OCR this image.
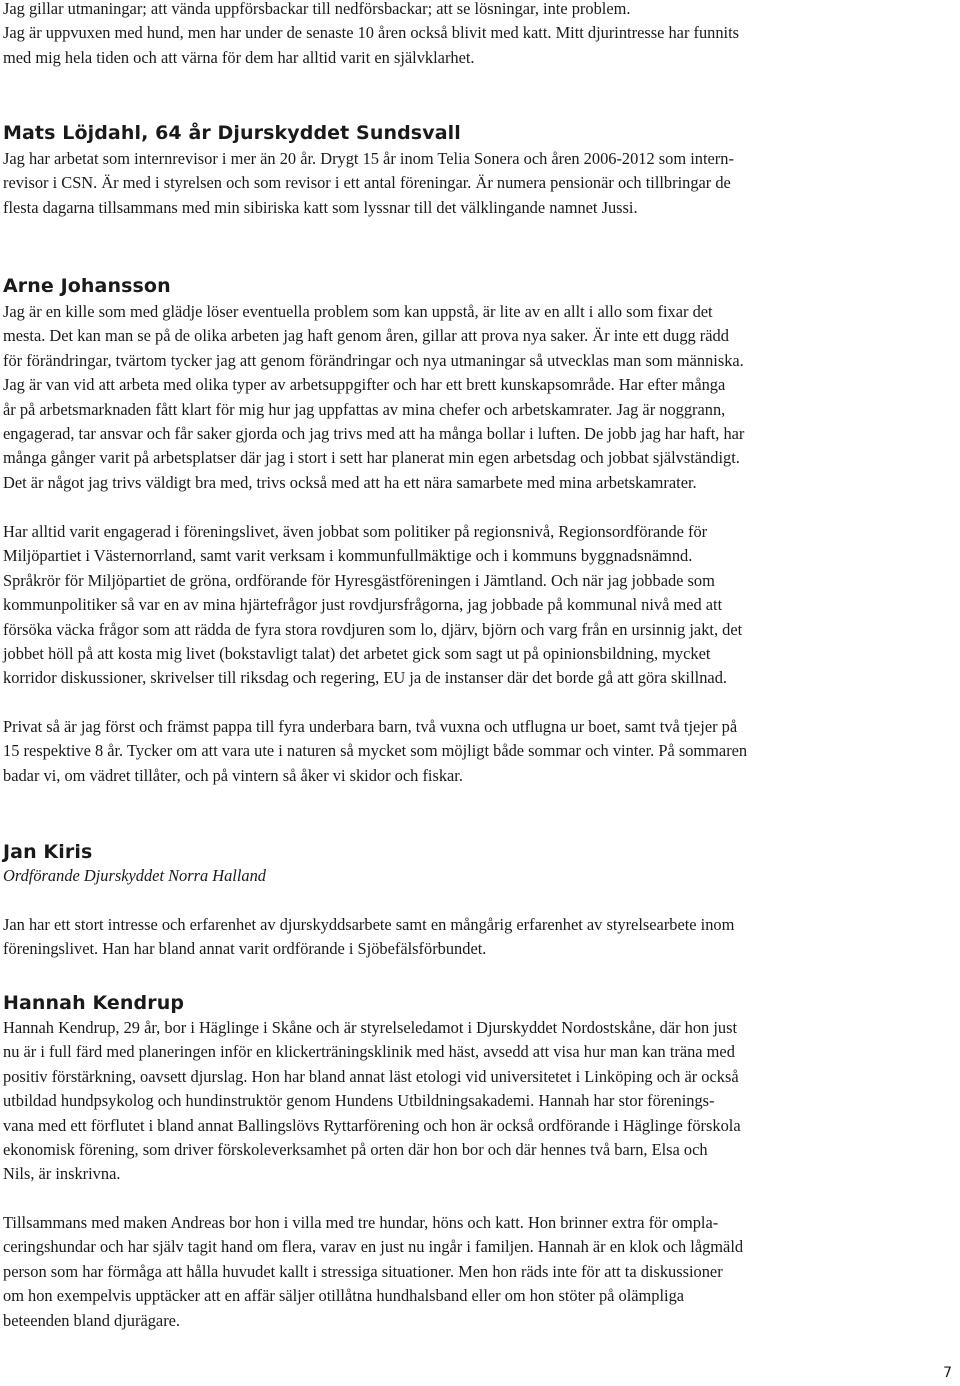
Jag gillar utmaningar; att vända uppförsbackar till nedförsbackar; att se lösningar, inte problem.
Jag är uppvuxen med hund, men har under de senaste 10 åren också blivit med katt. Mitt djurintresse har funnits
med mig hela tiden och att värna för dem har alltid varit en självklarhet.
Mats Löjdahl, 64 år Djurskyddet Sundsvall
Jag har arbetat som internrevisor i mer än 20 år. Drygt 15 år inom Telia Sonera och åren 2006-2012 som intern-
revisor i CSN. Är med i styrelsen och som revisor i ett antal föreningar. Är numera pensionär och tillbringar de
flesta dagarna tillsammans med min sibiriska katt som lyssnar till det välklingande namnet Jussi.
Arne Johansson
Jag är en kille som med glädje löser eventuella problem som kan uppstå, är lite av en allt i allo som fixar det
mesta. Det kan man se på de olika arbeten jag haft genom åren, gillar att prova nya saker. Är inte ett dugg rädd
för förändringar, tvärtom tycker jag att genom förändringar och nya utmaningar så utvecklas man som människa.
Jag är van vid att arbeta med olika typer av arbetsuppgifter och har ett brett kunskapsområde. Har efter många
år på arbetsmarknaden fått klart för mig hur jag uppfattas av mina chefer och arbetskamrater. Jag är noggrann,
engagerad, tar ansvar och får saker gjorda och jag trivs med att ha många bollar i luften. De jobb jag har haft, har
många gånger varit på arbetsplatser där jag i stort i sett har planerat min egen arbetsdag och jobbat självständigt.
Det är något jag trivs väldigt bra med, trivs också med att ha ett nära samarbete med mina arbetskamrater.
Har alltid varit engagerad i föreningslivet, även jobbat som politiker på regionsnivå, Regionsordförande för
Miljöpartiet i Västernorrland, samt varit verksam i kommunfullmäktige och i kommuns byggnadsnämnd.
Språkrör för Miljöpartiet de gröna, ordförande för Hyresgästföreningen i Jämtland. Och när jag jobbade som
kommunpolitiker så var en av mina hjärtefrågor just rovdjursfrågorna, jag jobbade på kommunal nivå med att
försöka väcka frågor som att rädda de fyra stora rovdjuren som lo, djärv, björn och varg från en ursinnig jakt, det
jobbet höll på att kosta mig livet (bokstavligt talat) det arbetet gick som sagt ut på opinionsbildning, mycket
korridor diskussioner, skrivelser till riksdag och regering, EU ja de instanser där det borde gå att göra skillnad.
Privat så är jag först och främst pappa till fyra underbara barn, två vuxna och utflugna ur boet, samt två tjejer på
15 respektive 8 år. Tycker om att vara ute i naturen så mycket som möjligt både sommar och vinter. På sommaren
badar vi, om vädret tillåter, och på vintern så åker vi skidor och fiskar.
Jan Kiris
Ordförande Djurskyddet Norra Halland
Jan har ett stort intresse och erfarenhet av djurskyddsarbete samt en mångårig erfarenhet av styrelsearbete inom
föreningslivet. Han har bland annat varit ordförande i Sjöbefälsförbundet.
Hannah Kendrup
Hannah Kendrup, 29 år, bor i Häglinge i Skåne och är styrelseledamot i Djurskyddet Nordostskåne, där hon just
nu är i full färd med planeringen inför en klickerträningsklinik med häst, avsedd att visa hur man kan träna med
positiv förstärkning, oavsett djurslag. Hon har bland annat läst etologi vid universitetet i Linköping och är också
utbildad hundpsykolog och hundinstruktör genom Hundens Utbildningsakademi. Hannah har stor förenings-
vana med ett förflutet i bland annat Ballingslövs Ryttarförening och hon är också ordförande i Häglinge förskola
ekonomisk förening, som driver förskoleverksamhet på orten där hon bor och där hennes två barn, Elsa och
Nils, är inskrivna.
Tillsammans med maken Andreas bor hon i villa med tre hundar, höns och katt. Hon brinner extra för ompla-
ceringshundar och har själv tagit hand om flera, varav en just nu ingår i familjen. Hannah är en klok och lågmäld
person som har förmåga att hålla huvudet kallt i stressiga situationer. Men hon räds inte för att ta diskussioner
om hon exempelvis upptäcker att en affär säljer otillåtna hundhalsband eller om hon stöter på olämpliga
beteenden bland djurägare.
7
